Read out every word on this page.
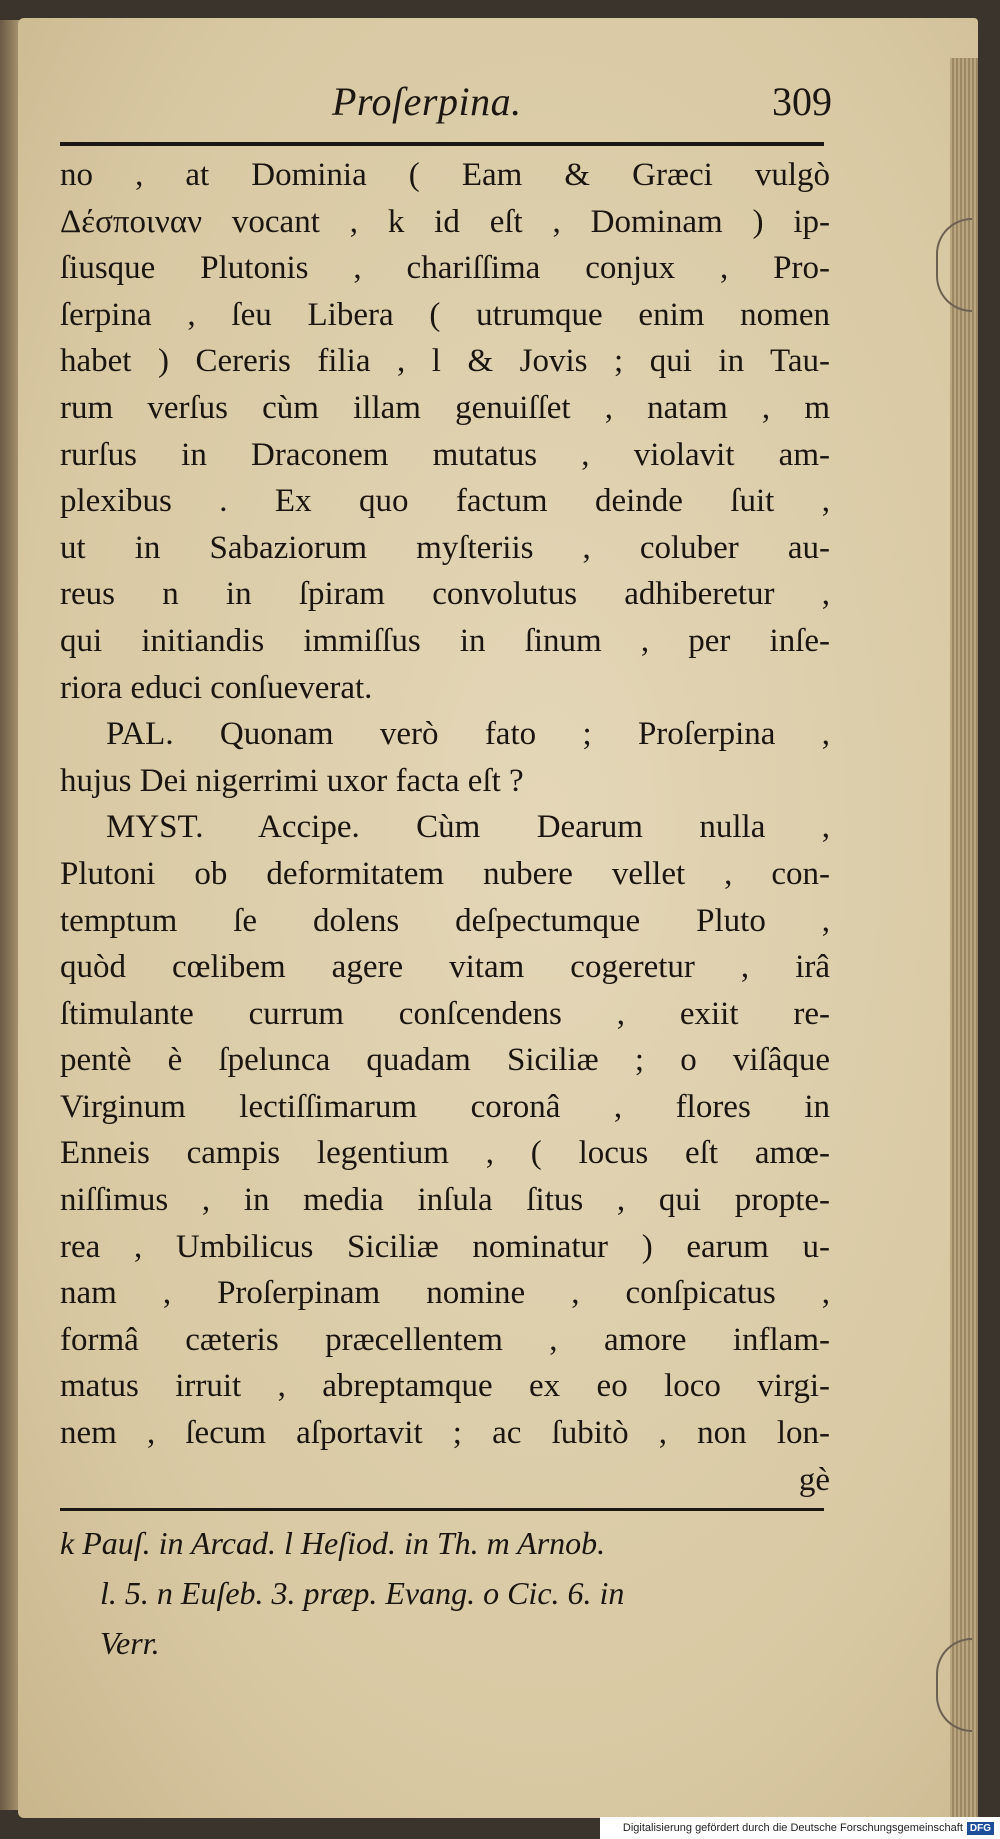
Proſerpina.	309
no , at Dominia ( Eam & Græci vulgò
Δέσποιναν vocant , k id eſt , Dominam ) ip-
ſiusque Plutonis , chariſſima conjux , Pro-
ſerpina , ſeu Libera ( utrumque enim nomen
habet ) Cereris filia , l & Jovis ; qui in Tau-
rum verſus cùm illam genuiſſet , natam , m
rurſus in Draconem mutatus , violavit am-
plexibus . Ex quo factum deinde ſuit ,
ut in Sabaziorum myſteriis , coluber au-
reus n in ſpiram convolutus adhiberetur ,
qui initiandis immiſſus in ſinum , per inſe-
riora educi conſueverat.
PAL. Quonam verò fato ; Proſerpina ,
hujus Dei nigerrimi uxor facta eſt ?
MYST. Accipe. Cùm Dearum nulla ,
Plutoni ob deformitatem nubere vellet , con-
temptum ſe dolens deſpectumque Pluto ,
quòd cœlibem agere vitam cogeretur , irâ
ſtimulante currum conſcendens , exiit re-
pentè è ſpelunca quadam Siciliæ ; o viſâque
Virginum lectiſſimarum coronâ , flores in
Enneis campis legentium , ( locus eſt amœ-
niſſimus , in media inſula ſitus , qui propte-
rea , Umbilicus Siciliæ nominatur ) earum u-
nam , Proſerpinam nomine , conſpicatus ,
formâ cæteris præcellentem , amore inflam-
matus irruit , abreptamque ex eo loco virgi-
nem , ſecum aſportavit ; ac ſubitò , non lon-
gè
k Pauſ. in Arcad. l Heſiod. in Th. m Arnob.
l. 5. n Euſeb. 3. præp. Evang. o Cic. 6. in
Verr.
Digitalisierung gefördert durch die Deutsche Forschungsgemeinschaft DFG
